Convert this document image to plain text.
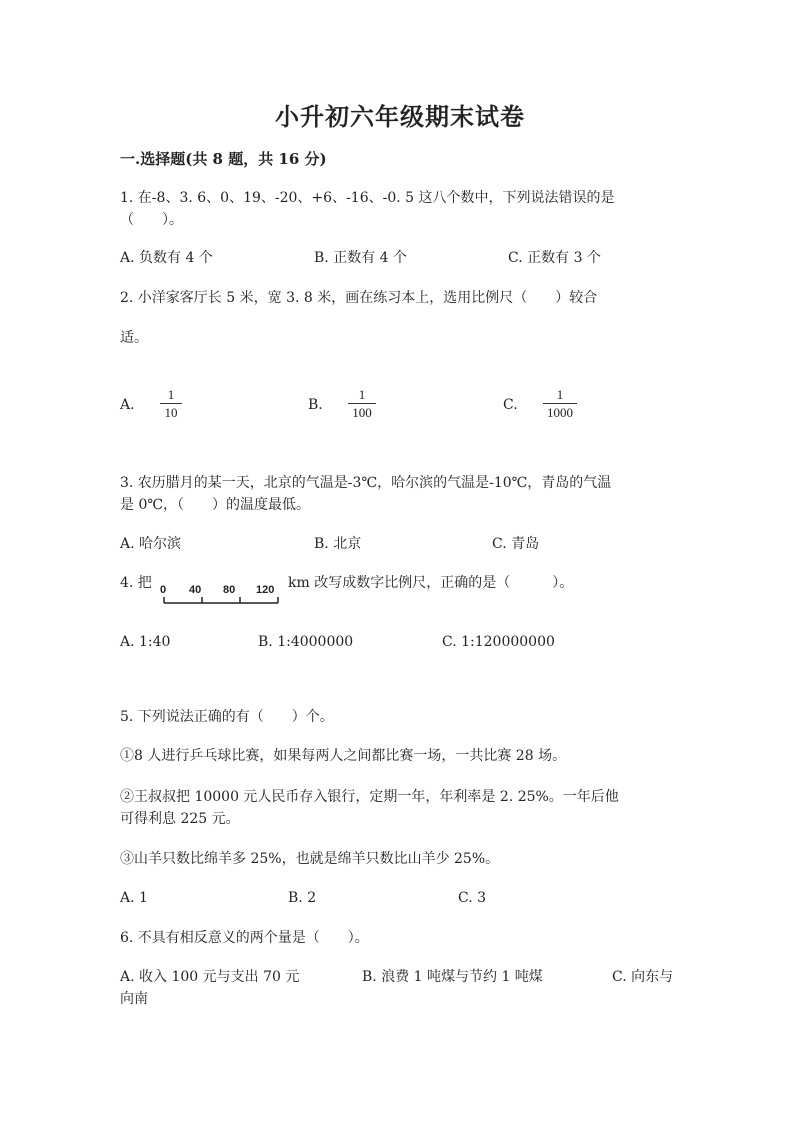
小升初六年级期末试卷
一.选择题(共 8 题，共 16 分)
1. 在-8、3. 6、0、19、-20、+6、-16、-0. 5 这八个数中，下列说法错误的是
（　　）。
A. 负数有 4 个	B. 正数有 4 个	C. 正数有 3 个
2. 小洋家客厅长 5 米，宽 3. 8 米，画在练习本上，选用比例尺（　　）较合
适。
A.
1
10	B.
1
100	C.
1
1000
3. 农历腊月的某一天，北京的气温是-3℃，哈尔滨的气温是-10℃，青岛的气温
是 0℃，（　　）的温度最低。
A. 哈尔滨	B. 北京	C. 青岛
4. 把 0 40 80 120 km 改写成数字比例尺，正确的是（　　　）。
A. 1:40	B. 1:4000000	C. 1:120000000
5. 下列说法正确的有（　　）个。
①8 人进行乒乓球比赛，如果每两人之间都比赛一场，一共比赛 28 场。
②王叔叔把 10000 元人民币存入银行，定期一年，年利率是 2. 25%。一年后他
可得利息 225 元。
③山羊只数比绵羊多 25%，也就是绵羊只数比山羊少 25%。
A. 1	B. 2	C. 3
6. 不具有相反意义的两个量是（　　）。
A. 收入 100 元与支出 70 元	B. 浪费 1 吨煤与节约 1 吨煤	C. 向东与
向南
